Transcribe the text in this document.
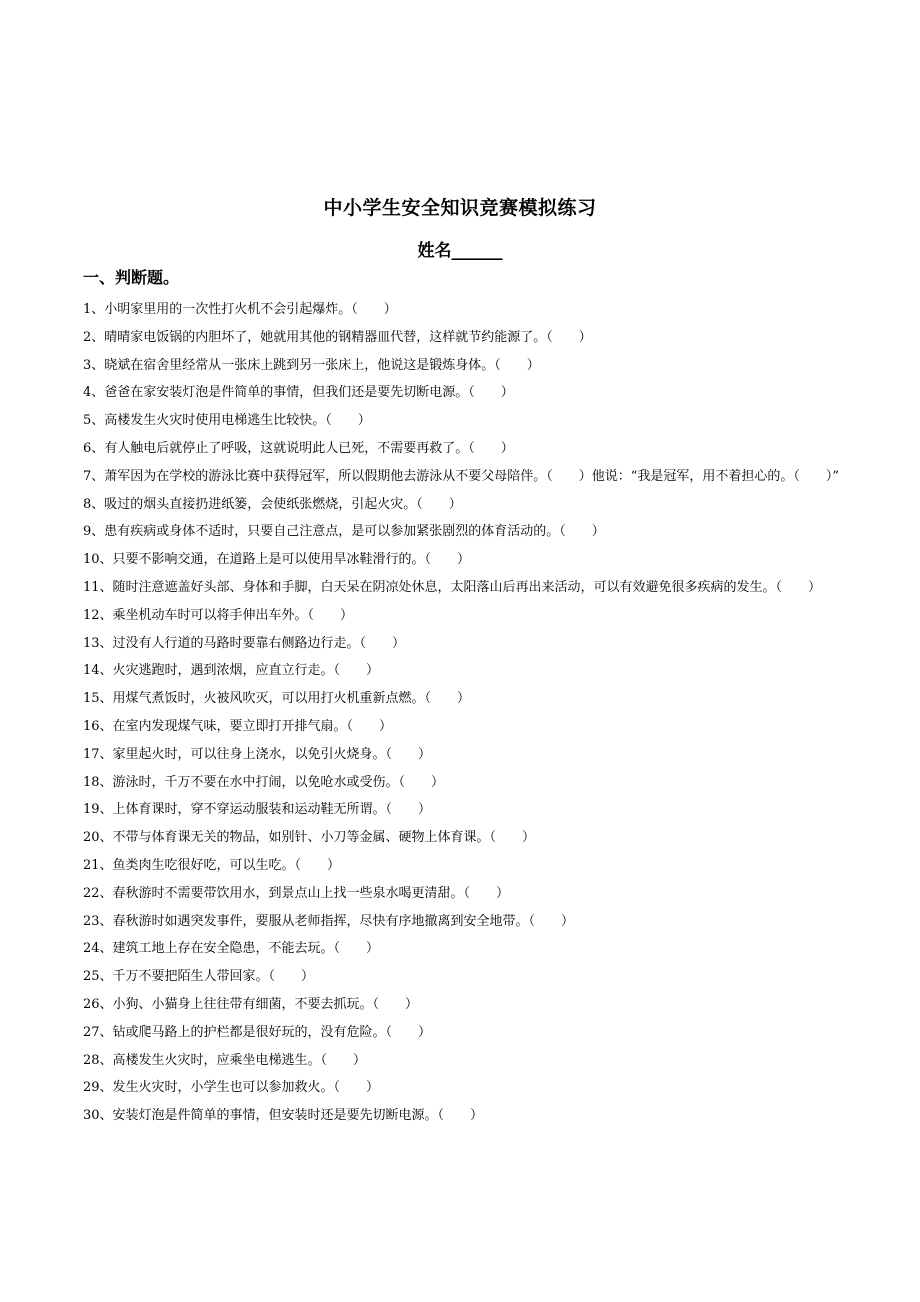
中小学生安全知识竞赛模拟练习
姓名______
一、判断题。
1、小明家里用的一次性打火机不会引起爆炸。（　　）
2、晴晴家电饭锅的内胆坏了，她就用其他的钢精器皿代替，这样就节约能源了。（　　）
3、晓斌在宿舍里经常从一张床上跳到另一张床上，他说这是锻炼身体。（　　）
4、爸爸在家安装灯泡是件简单的事情，但我们还是要先切断电源。（　　）
5、高楼发生火灾时使用电梯逃生比较快。（　　）
6、有人触电后就停止了呼吸，这就说明此人已死，不需要再救了。（　　）
7、萧军因为在学校的游泳比赛中获得冠军，所以假期他去游泳从不要父母陪伴。（　　）他说：“我是冠军，用不着担心的。（　　）”
8、吸过的烟头直接扔进纸篓，会使纸张燃烧，引起火灾。（　　）
9、患有疾病或身体不适时，只要自己注意点，是可以参加紧张剧烈的体育活动的。（　　）
10、只要不影响交通，在道路上是可以使用旱冰鞋滑行的。（　　）
11、随时注意遮盖好头部、身体和手脚，白天呆在阴凉处休息，太阳落山后再出来活动，可以有效避免很多疾病的发生。（　　）
12、乘坐机动车时可以将手伸出车外。（　　）
13、过没有人行道的马路时要靠右侧路边行走。（　　）
14、火灾逃跑时，遇到浓烟，应直立行走。（　　）
15、用煤气煮饭时，火被风吹灭，可以用打火机重新点燃。（　　）
16、在室内发现煤气味，要立即打开排气扇。（　　）
17、家里起火时，可以往身上浇水，以免引火烧身。（　　）
18、游泳时，千万不要在水中打闹，以免呛水或受伤。（　　）
19、上体育课时，穿不穿运动服装和运动鞋无所谓。（　　）
20、不带与体育课无关的物品，如别针、小刀等金属、硬物上体育课。（　　）
21、鱼类肉生吃很好吃，可以生吃。（　　）
22、春秋游时不需要带饮用水，到景点山上找一些泉水喝更清甜。（　　）
23、春秋游时如遇突发事件，要服从老师指挥，尽快有序地撤离到安全地带。（　　）
24、建筑工地上存在安全隐患，不能去玩。（　　）
25、千万不要把陌生人带回家。（　　）
26、小狗、小猫身上往往带有细菌，不要去抓玩。（　　）
27、钻或爬马路上的护栏都是很好玩的，没有危险。（　　）
28、高楼发生火灾时，应乘坐电梯逃生。（　　）
29、发生火灾时，小学生也可以参加救火。（　　）
30、安装灯泡是件简单的事情，但安装时还是要先切断电源。（　　）
